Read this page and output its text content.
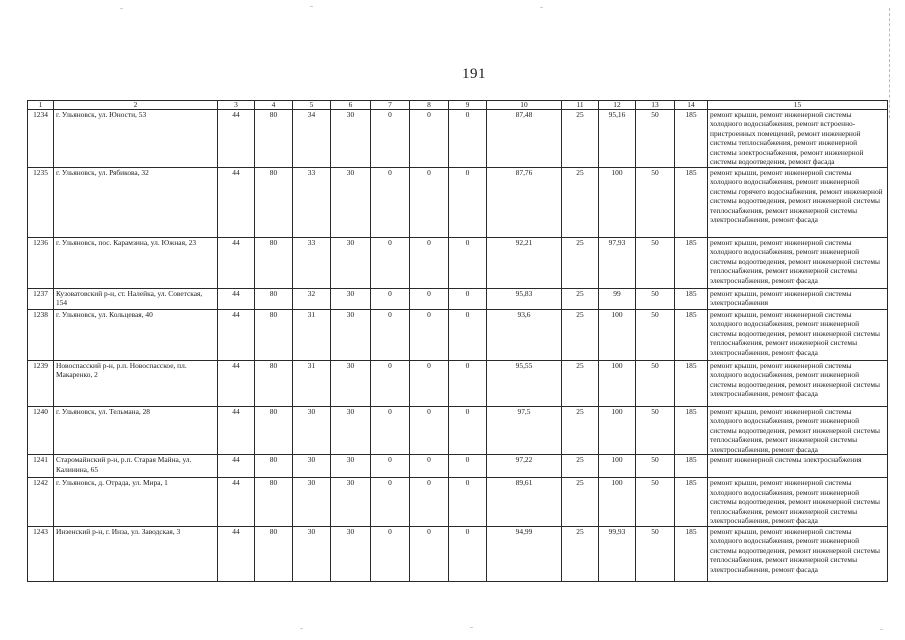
191
1	2	3	4	5	6	7	8	9	10	11	12	13	14	15
1234	г. Ульяновск, ул. Юности, 53	44	80	34	30	0	0	0	87,48	25	95,16	50	185	ремонт крыши, ремонт инженерной системы холодного водоснабжения, ремонт встроенно-пристроенных помещений, ремонт инженерной системы теплоснабжения, ремонт инженерной системы электроснабжения, ремонт инженерной системы водоотведения, ремонт фасада
1235	г. Ульяновск, ул. Рябикова, 32	44	80	33	30	0	0	0	87,76	25	100	50	185	ремонт крыши, ремонт инженерной системы холодного водоснабжения, ремонт инженерной системы горячего водоснабжения, ремонт инженерной системы водоотведения, ремонт инженерной системы теплоснабжения, ремонт инженерной системы электроснабжения, ремонт фасада
1236	г. Ульяновск, пос. Карамзина, ул. Южная, 23	44	80	33	30	0	0	0	92,21	25	97,93	50	185	ремонт крыши, ремонт инженерной системы холодного водоснабжения, ремонт инженерной системы водоотведения, ремонт инженерной системы теплоснабжения, ремонт инженерной системы электроснабжения, ремонт фасада
1237	Кузоватовский р-н, ст. Налейка, ул. Советская, 154	44	80	32	30	0	0	0	95,83	25	99	50	185	ремонт крыши, ремонт инженерной системы электроснабжения
1238	г. Ульяновск, ул. Кольцевая, 40	44	80	31	30	0	0	0	93,6	25	100	50	185	ремонт крыши, ремонт инженерной системы холодного водоснабжения, ремонт инженерной системы водоотведения, ремонт инженерной системы теплоснабжения, ремонт инженерной системы электроснабжения, ремонт фасада
1239	Новоспасский р-н, р.п. Новоспасское, пл. Макаренко, 2	44	80	31	30	0	0	0	95,55	25	100	50	185	ремонт крыши, ремонт инженерной системы холодного водоснабжения, ремонт инженерной системы водоотведения, ремонт инженерной системы электроснабжения, ремонт фасада
1240	г. Ульяновск, ул. Тельмана, 28	44	80	30	30	0	0	0	97,5	25	100	50	185	ремонт крыши, ремонт инженерной системы холодного водоснабжения, ремонт инженерной системы водоотведения, ремонт инженерной системы теплоснабжения, ремонт инженерной системы электроснабжения, ремонт фасада
1241	Старомайнский р-н, р.п. Старая Майна, ул. Калинина, 65	44	80	30	30	0	0	0	97,22	25	100	50	185	ремонт инженерной системы электроснабжения
1242	г. Ульяновск, д. Отрада, ул. Мира, 1	44	80	30	30	0	0	0	89,61	25	100	50	185	ремонт крыши, ремонт инженерной системы холодного водоснабжения, ремонт инженерной системы водоотведения, ремонт инженерной системы теплоснабжения, ремонт инженерной системы электроснабжения, ремонт фасада
1243	Инзенский р-н, г. Инза, ул. Заводская, 3	44	80	30	30	0	0	0	94,99	25	99,93	50	185	ремонт крыши, ремонт инженерной системы холодного водоснабжения, ремонт инженерной системы водоотведения, ремонт инженерной системы теплоснабжения, ремонт инженерной системы электроснабжения, ремонт фасада
